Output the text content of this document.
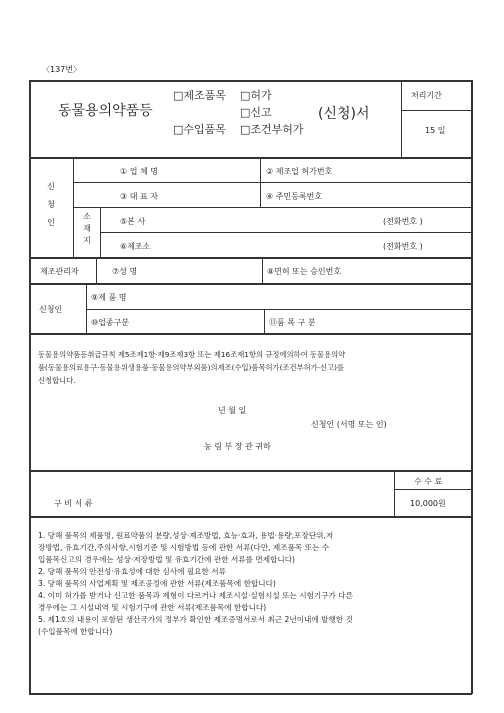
〈137번〉
동물용의약품등
□제조품목 □허가
□신고
□수입품목 □조건부허가
(신청)서
처리기간
15 일
신 청 인
소 재 지
① 업 체 명	② 제조업 허가번호
③ 대 표 자	④ 주민등록번호
⑤본 사	(전화번호 )
⑥제조소	(전화번호 )
제조관리자	⑦성 명	⑧면허 또는 승인번호
신청인
⑨제 품 명
⑩업종구분	⑪품 목 구 분
동물용의약품등취급규칙 제5조제1항·제9조제3항 또는 제16조제1항의 규정에의하여 동물용의약
품(동물용의료용구·동물용위생용품·동물용의약부외품)의제조(수입)품목허가(조건부허가·신고)를
신청합니다.
년 월 일
신청인 (서명 또는 인)
농 림 부 장 관 귀하
수 수 료
구 비 서 류	10,000원
1. 당해 품목의 제품명, 원료약품의 분량,성상·제조방법, 효능·효과, 용법·용량,포장단위,저
장방법, 유효기간,주의사항,시험기준 및 시험방법 등에 관한 서류(다만, 제조품목 또는 수
입품목신고의 경우에는 성상·저장방법 및 유효기간에 관한 서류를 면제합니다)
2. 당해 품목의 안전성·유효성에 대한 심사에 필요한 서류
3. 당해 품목의 사업계획 및 제조공정에 관한 서류(제조품목에 한합니다)
4. 이미 허가를 받거나 신고한 품목과 제형이 다르거나 제조시설·실험시설 또는 시험기구가 다른
경우에는 그 시설내역 및 시험기구에 관한 서류(제조품목에 한합니다)
5. 제1호의 내용이 포함된 생산국가의 정부가 확인한 제조증명서로서 최근 2년이내에 발행한 것
(수입품목에 한합니다)
